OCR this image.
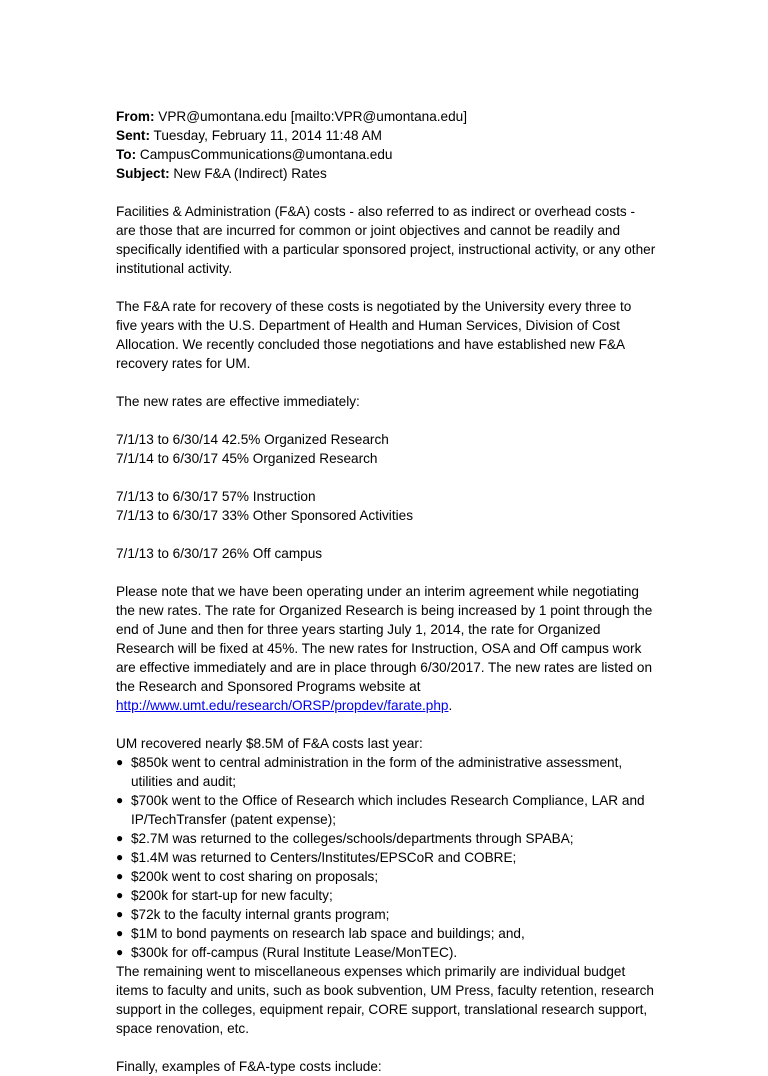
From: VPR@umontana.edu [mailto:VPR@umontana.edu]
Sent: Tuesday, February 11, 2014 11:48 AM
To: CampusCommunications@umontana.edu
Subject: New F&A (Indirect) Rates

Facilities & Administration (F&A) costs - also referred to as indirect or overhead costs - are those that are incurred for common or joint objectives and cannot be readily and specifically identified with a particular sponsored project, instructional activity, or any other institutional activity.

The F&A rate for recovery of these costs is negotiated by the University every three to five years with the U.S. Department of Health and Human Services, Division of Cost Allocation. We recently concluded those negotiations and have established new F&A recovery rates for UM.

The new rates are effective immediately:

7/1/13 to 6/30/14 42.5% Organized Research
7/1/14 to 6/30/17 45% Organized Research
7/1/13 to 6/30/17 57% Instruction
7/1/13 to 6/30/17 33% Other Sponsored Activities
7/1/13 to 6/30/17 26% Off campus

Please note that we have been operating under an interim agreement while negotiating the new rates. The rate for Organized Research is being increased by 1 point through the end of June and then for three years starting July 1, 2014, the rate for Organized Research will be fixed at 45%. The new rates for Instruction, OSA and Off campus work are effective immediately and are in place through 6/30/2017. The new rates are listed on the Research and Sponsored Programs website at http://www.umt.edu/research/ORSP/propdev/farate.php.

UM recovered nearly $8.5M of F&A costs last year:
● $850k went to central administration in the form of the administrative assessment, utilities and audit;
● $700k went to the Office of Research which includes Research Compliance, LAR and IP/TechTransfer (patent expense);
● $2.7M was returned to the colleges/schools/departments through SPABA;
● $1.4M was returned to Centers/Institutes/EPSCoR and COBRE;
● $200k went to cost sharing on proposals;
● $200k for start-up for new faculty;
● $72k to the faculty internal grants program;
● $1M to bond payments on research lab space and buildings; and,
● $300k for off-campus (Rural Institute Lease/MonTEC).

The remaining went to miscellaneous expenses which primarily are individual budget items to faculty and units, such as book subvention, UM Press, faculty retention, research support in the colleges, equipment repair, CORE support, translational research support, space renovation, etc.

Finally, examples of F&A-type costs include:
